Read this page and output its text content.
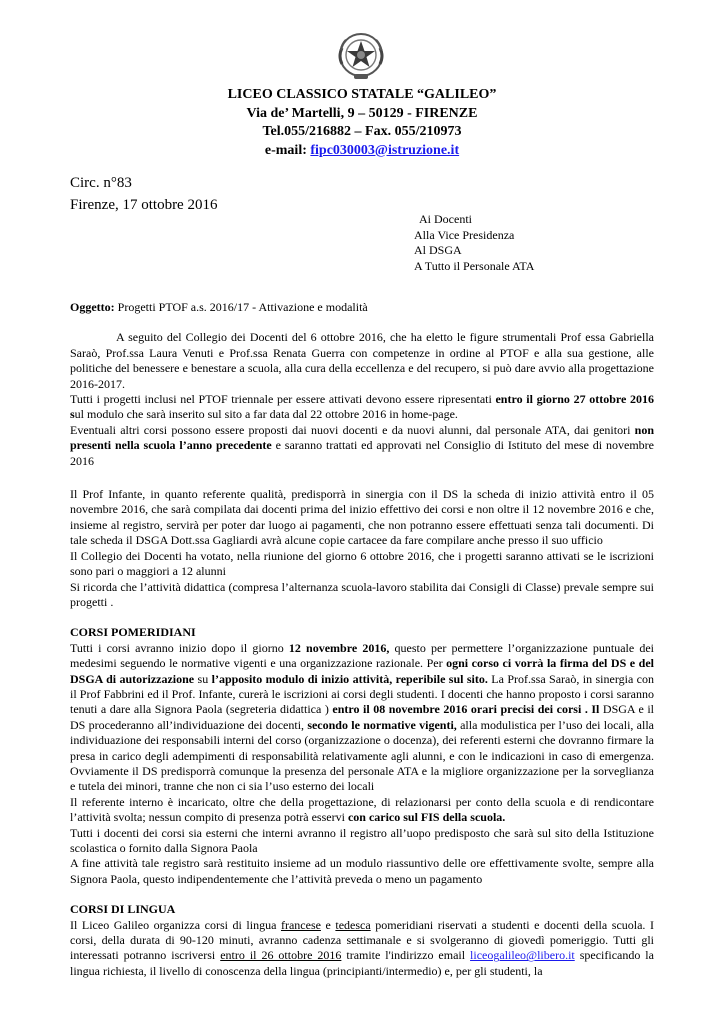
LICEO CLASSICO STATALE “GALILEO”
Via de’ Martelli, 9 – 50129 - FIRENZE
Tel.055/216882 – Fax. 055/210973
e-mail: fipc030003@istruzione.it
Circ. n°83
Firenze, 17 ottobre 2016
Ai Docenti
Alla Vice Presidenza
Al DSGA
A Tutto il Personale ATA

Oggetto: Progetti PTOF a.s. 2016/17 - Attivazione e modalità

A seguito del Collegio dei Docenti del 6 ottobre 2016, che ha eletto le figure strumentali Prof essa Gabriella Saraò, Prof.ssa Laura Venuti e Prof.ssa Renata Guerra con competenze in ordine al PTOF e alla sua gestione, alle politiche del benessere e benestare a scuola, alla cura della eccellenza e del recupero, si può dare avvio alla progettazione 2016-2017.

Tutti i progetti inclusi nel PTOF triennale per essere attivati devono essere ripresentati entro il giorno 27 ottobre 2016 sul modulo che sarà inserito sul sito a far data dal 22 ottobre 2016 in home-page.

Eventuali altri corsi possono essere proposti dai nuovi docenti e da nuovi alunni, dal personale ATA, dai genitori non presenti nella scuola l’anno precedente e saranno trattati ed approvati nel Consiglio di Istituto del mese di novembre 2016

Il Prof Infante, in quanto referente qualità, predisporrà in sinergia con il DS la scheda di inizio attività entro il 05 novembre 2016, che sarà compilata dai docenti prima del inizio effettivo dei corsi e non oltre il 12 novembre 2016 e che, insieme al registro, servirà per poter dar luogo ai pagamenti, che non potranno essere effettuati senza tali documenti. Di tale scheda il DSGA Dott.ssa Gagliardi avrà alcune copie cartacee da fare compilare anche presso il suo ufficio

Il Collegio dei Docenti ha votato, nella riunione del giorno 6 ottobre 2016, che i progetti saranno attivati se le iscrizioni sono pari o maggiori a 12 alunni

Si ricorda che l’attività didattica (compresa l’alternanza scuola-lavoro stabilita dai Consigli di Classe) prevale sempre sui progetti .

CORSI POMERIDIANI

Tutti i corsi avranno inizio dopo il giorno 12 novembre 2016, questo per permettere l’organizzazione puntuale dei medesimi seguendo le normative vigenti e una organizzazione razionale. Per ogni corso ci vorrà la firma del DS e del DSGA di autorizzazione su l’apposito modulo di inizio attività, reperibile sul sito. La Prof.ssa Saraò, in sinergia con il Prof Fabbrini ed il Prof. Infante, curerà le iscrizioni ai corsi degli studenti. I docenti che hanno proposto i corsi saranno tenuti a dare alla Signora Paola (segreteria didattica ) entro il 08 novembre 2016 orari precisi dei corsi . Il DSGA e il DS procederanno all’individuazione dei docenti, secondo le normative vigenti, alla modulistica per l’uso dei locali, alla individuazione dei responsabili interni del corso (organizzazione o docenza), dei referenti esterni che dovranno firmare la presa in carico degli adempimenti di responsabilità relativamente agli alunni, e con le indicazioni in caso di emergenza. Ovviamente il DS predisporrà comunque la presenza del personale ATA e la migliore organizzazione per la sorveglianza e tutela dei minori, tranne che non ci sia l’uso esterno dei locali

Il referente interno è incaricato, oltre che della progettazione, di relazionarsi per conto della scuola e di rendicontare l’attività svolta; nessun compito di presenza potrà esservi con carico sul FIS della scuola.

Tutti i docenti dei corsi sia esterni che interni avranno il registro all’uopo predisposto che sarà sul sito della Istituzione scolastica o fornito dalla Signora Paola

A fine attività tale registro sarà restituito insieme ad un modulo riassuntivo delle ore effettivamente svolte, sempre alla Signora Paola, questo indipendentemente che l’attività preveda o meno un pagamento

CORSI DI LINGUA

Il Liceo Galileo organizza corsi di lingua francese e tedesca pomeridiani riservati a studenti e docenti della scuola. I corsi, della durata di 90-120 minuti, avranno cadenza settimanale e si svolgeranno di giovedì pomeriggio. Tutti gli interessati potranno iscriversi entro il 26 ottobre 2016 tramite l'indirizzo email liceogalileo@libero.it specificando la lingua richiesta, il livello di conoscenza della lingua (principianti/intermedio) e, per gli studenti, la
